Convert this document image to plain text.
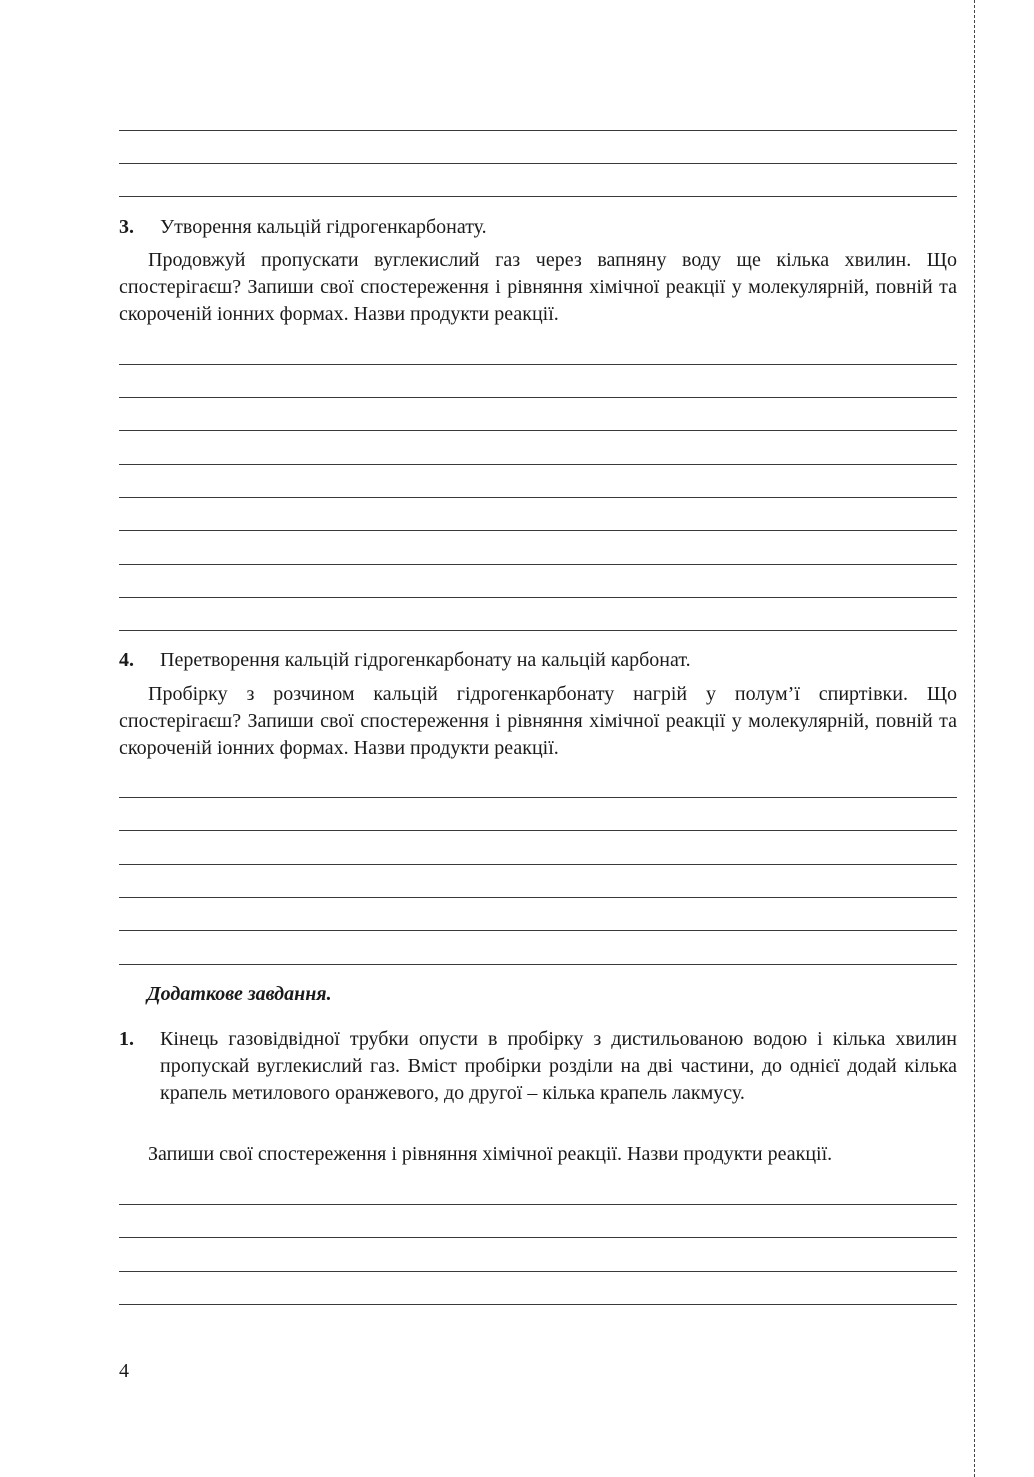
3. Утворення кальцій гідрогенкарбонату.

Продовжуй пропускати вуглекислий газ через вапняну воду ще кілька хвилин. Що спостерігаєш? Запиши свої спостереження і рівняння хімічної реакції у молекулярній, повній та скороченій іонних формах. Назви продукти реакції.

4. Перетворення кальцій гідрогенкарбонату на кальцій карбонат.

Пробірку з розчином кальцій гідрогенкарбонату нагрій у полум’ї спиртівки. Що спостерігаєш? Запиши свої спостереження і рівняння хімічної реакції у молекулярній, повній та скороченій іонних формах. Назви продукти реакції.

Додаткове завдання.
1. Кінець газовідвідної трубки опусти в пробірку з дистильованою водою і кілька хвилин пропускай вуглекислий газ. Вміст пробірки розділи на дві частини, до однієї додай кілька крапель метилового оранжевого, до другої – кілька крапель лакмусу.

Запиши свої спостереження і рівняння хімічної реакції. Назви продукти реакції.

4
